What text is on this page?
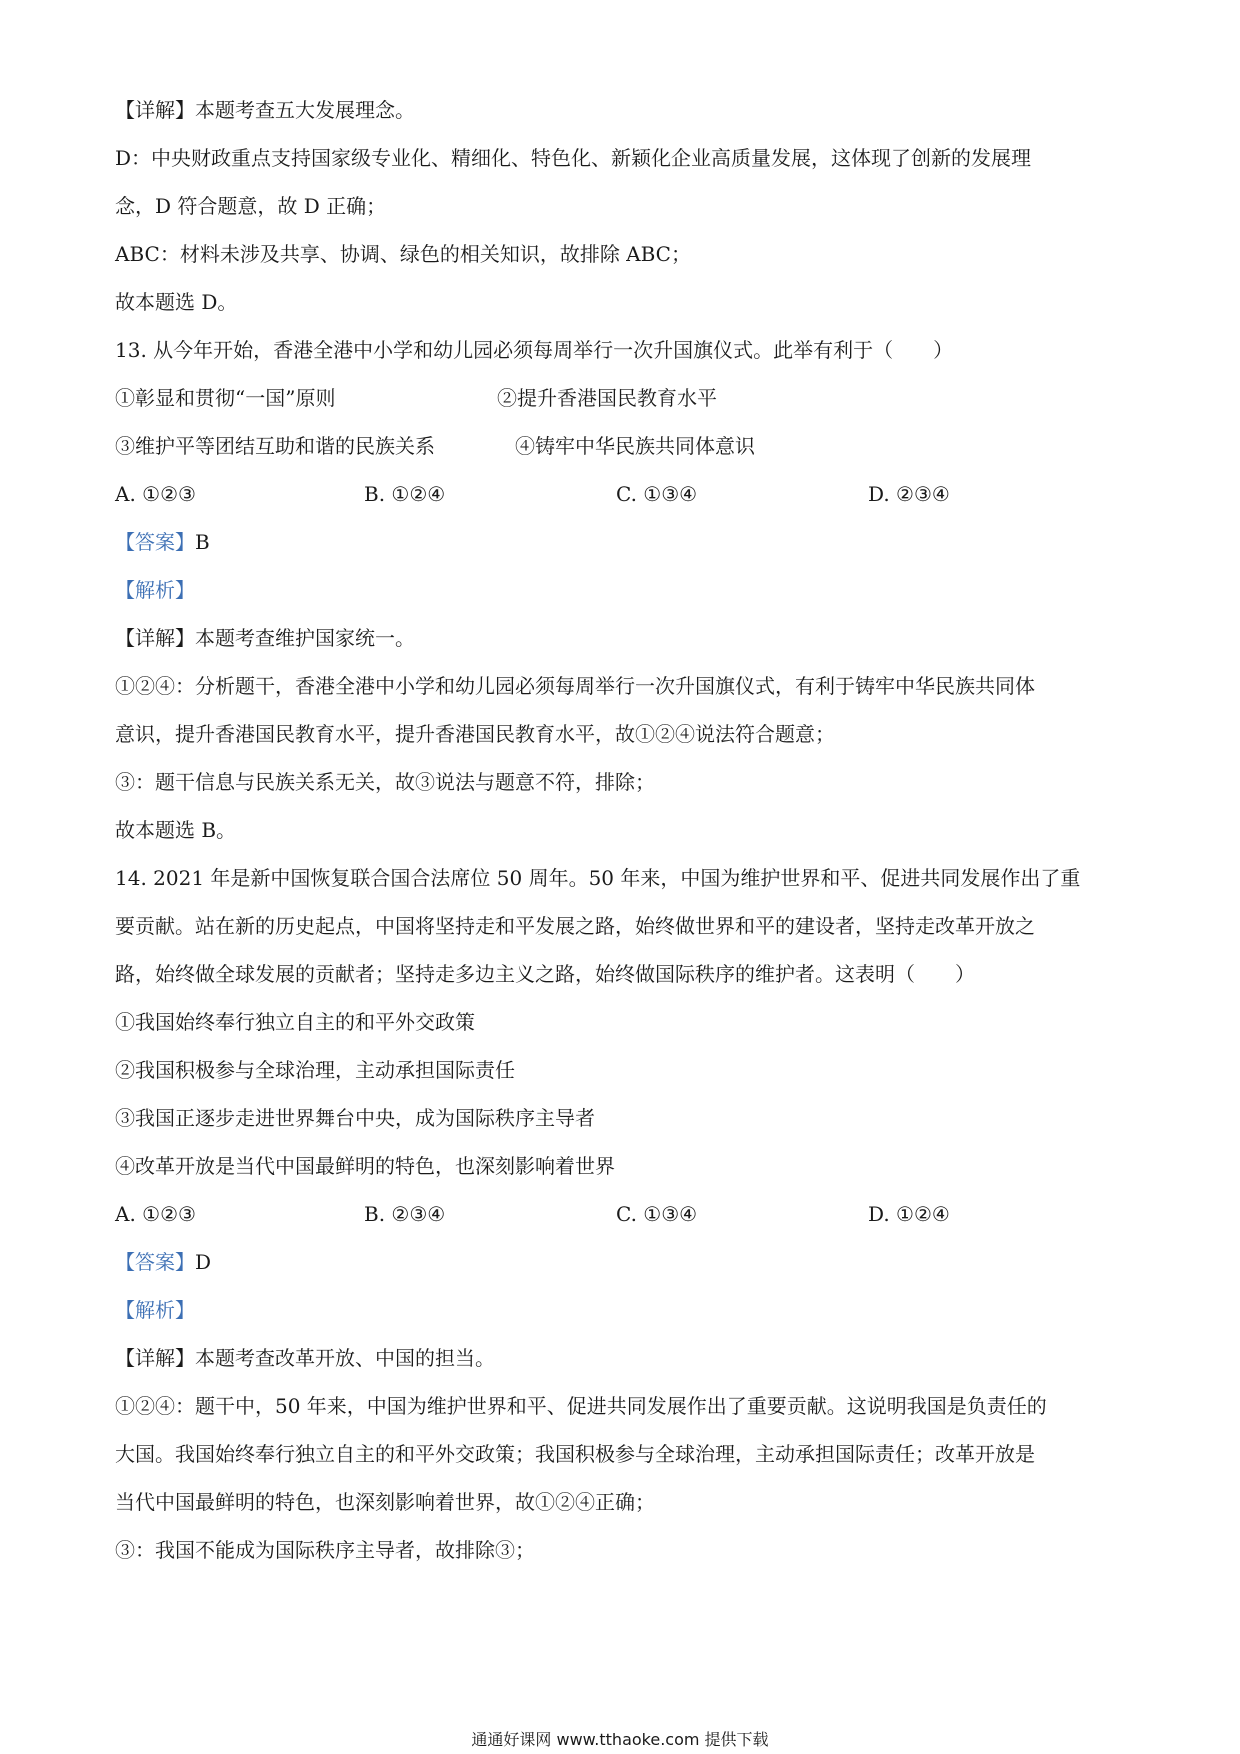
【详解】本题考查五大发展理念。
D：中央财政重点支持国家级专业化、精细化、特色化、新颖化企业高质量发展，这体现了创新的发展理
念，D 符合题意，故 D 正确；
ABC：材料未涉及共享、协调、绿色的相关知识，故排除 ABC；
故本题选 D。
13. 从今年开始，香港全港中小学和幼儿园必须每周举行一次升国旗仪式。此举有利于（　　）
①彰显和贯彻“一国”原则	②提升香港国民教育水平
③维护平等团结互助和谐的民族关系	④铸牢中华民族共同体意识
A. ①②③	B. ①②④	C. ①③④	D. ②③④
【答案】B
【解析】
【详解】本题考查维护国家统一。
①②④：分析题干，香港全港中小学和幼儿园必须每周举行一次升国旗仪式，有利于铸牢中华民族共同体
意识，提升香港国民教育水平，提升香港国民教育水平，故①②④说法符合题意；
③：题干信息与民族关系无关，故③说法与题意不符，排除；
故本题选 B。
14. 2021 年是新中国恢复联合国合法席位 50 周年。50 年来，中国为维护世界和平、促进共同发展作出了重
要贡献。站在新的历史起点，中国将坚持走和平发展之路，始终做世界和平的建设者，坚持走改革开放之
路，始终做全球发展的贡献者；坚持走多边主义之路，始终做国际秩序的维护者。这表明（　　）
①我国始终奉行独立自主的和平外交政策
②我国积极参与全球治理，主动承担国际责任
③我国正逐步走进世界舞台中央，成为国际秩序主导者
④改革开放是当代中国最鲜明的特色，也深刻影响着世界
A. ①②③	B. ②③④	C. ①③④	D. ①②④
【答案】D
【解析】
【详解】本题考查改革开放、中国的担当。
①②④：题干中，50 年来，中国为维护世界和平、促进共同发展作出了重要贡献。这说明我国是负责任的
大国。我国始终奉行独立自主的和平外交政策；我国积极参与全球治理，主动承担国际责任；改革开放是
当代中国最鲜明的特色，也深刻影响着世界，故①②④正确；
③：我国不能成为国际秩序主导者，故排除③；
通通好课网 www.tthaoke.com 提供下载
